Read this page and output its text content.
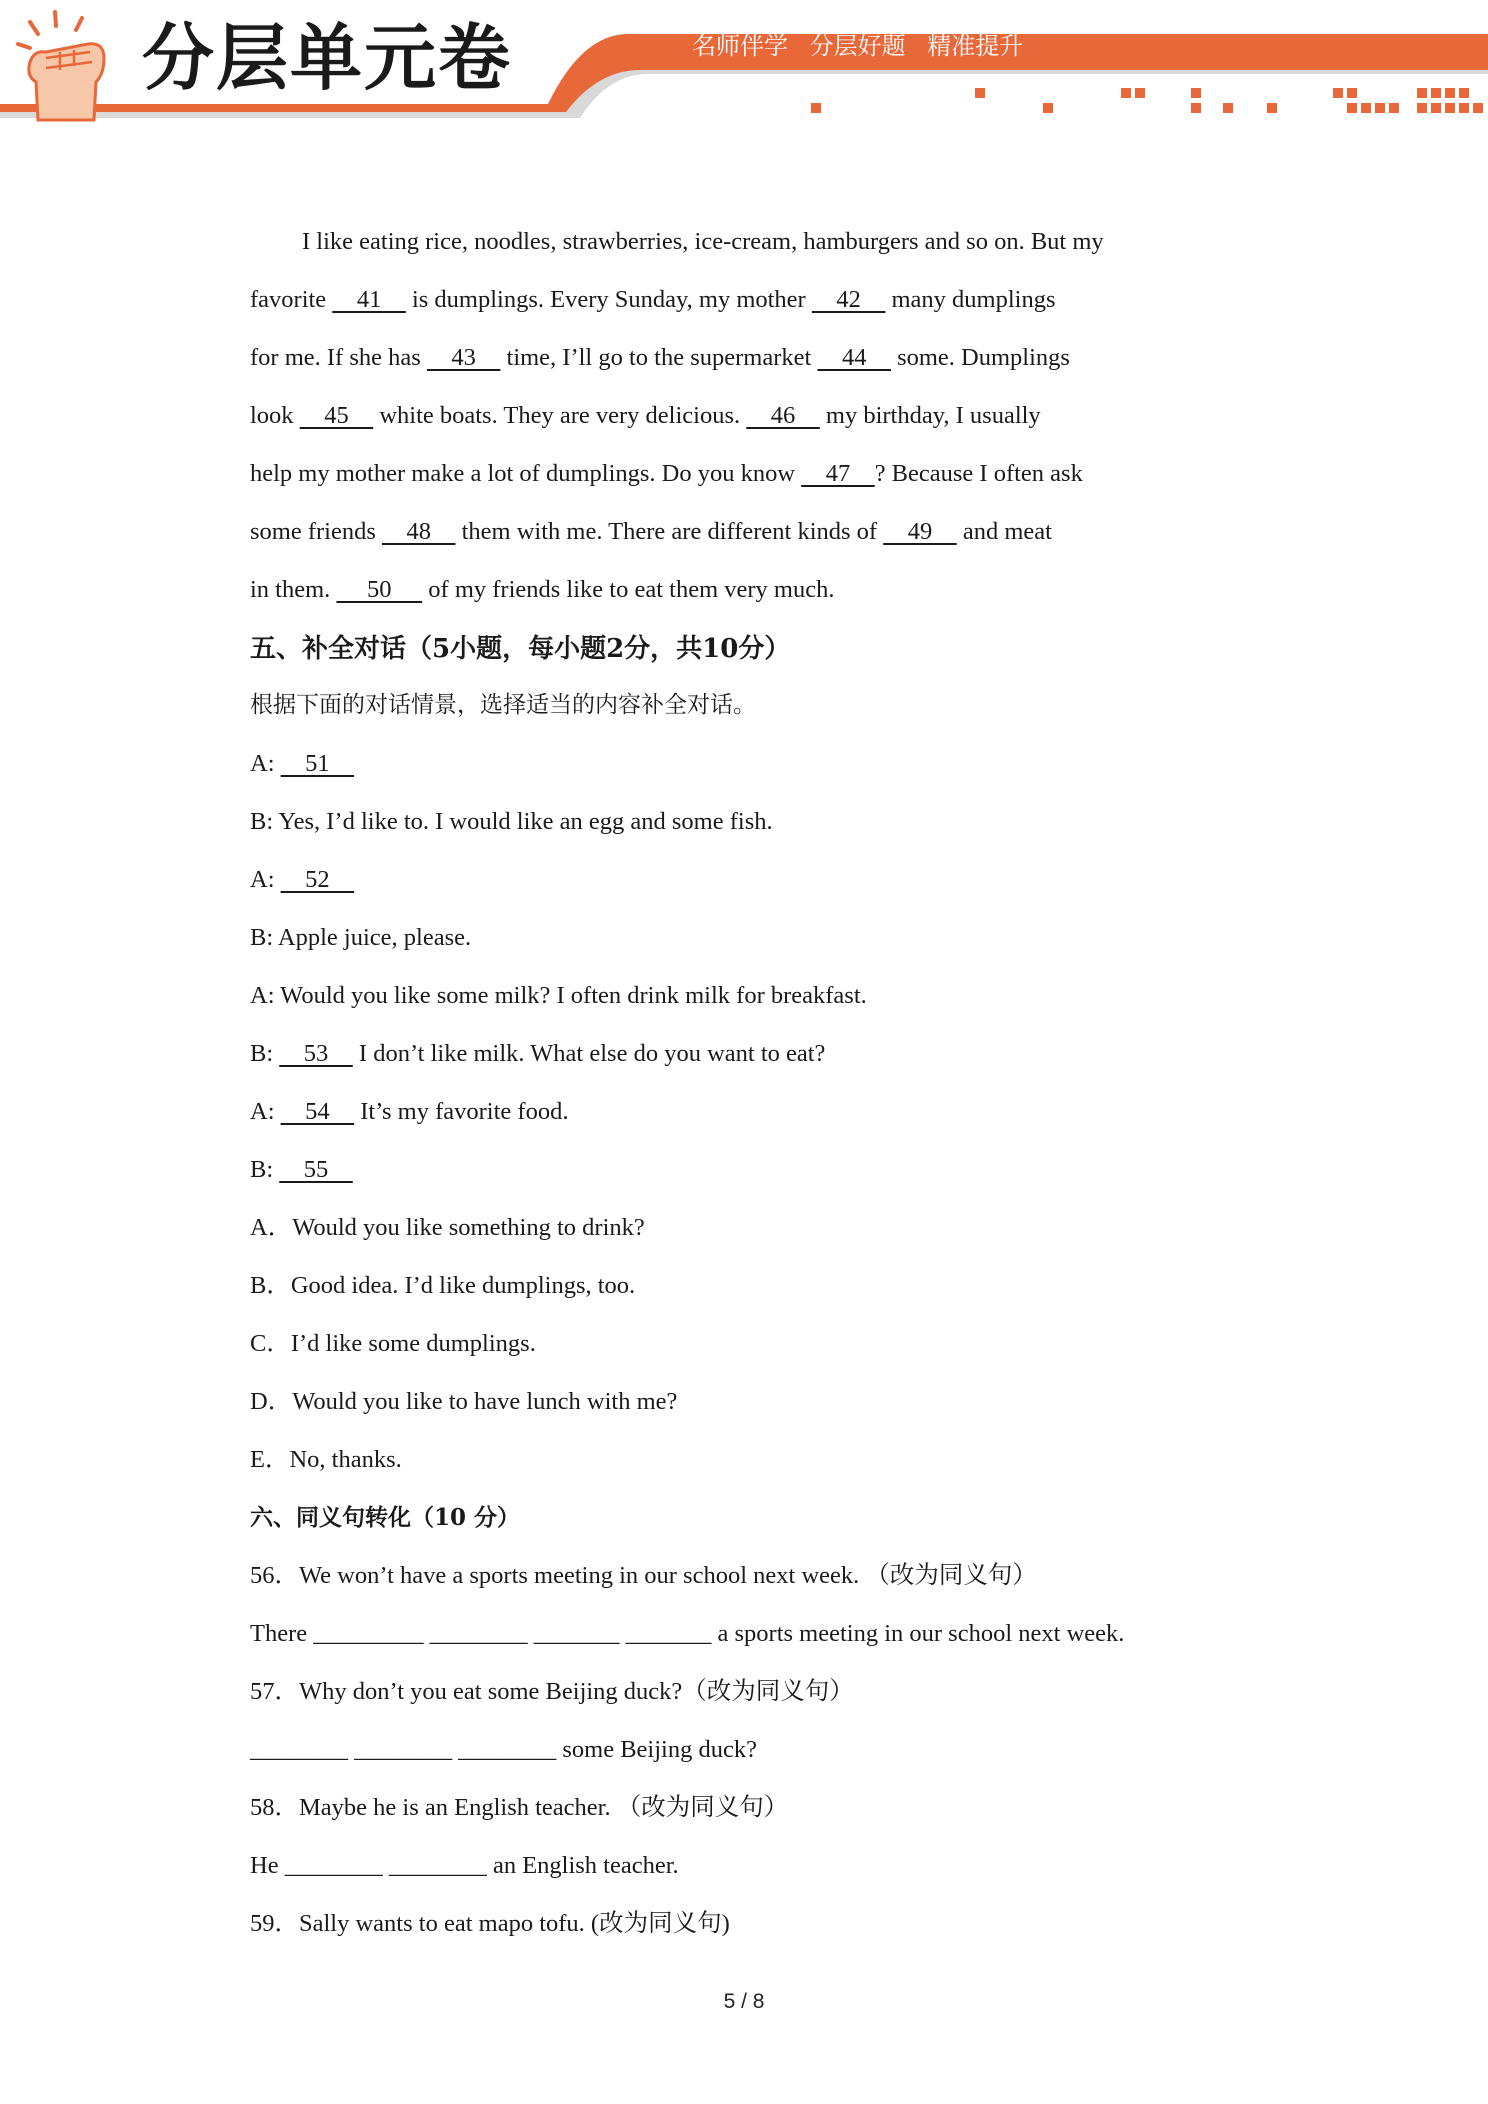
分层单元卷	名师伴学 分层好题 精准提升
I like eating rice, noodles, strawberries, ice-cream, hamburgers and so on. But my
favorite     41     is dumplings. Every Sunday, my mother     42     many dumplings
for me. If she has     43     time, I’ll go to the supermarket     44     some. Dumplings
look     45     white boats. They are very delicious.     46     my birthday, I usually
help my mother make a lot of dumplings. Do you know     47    ? Because I often ask
some friends     48     them with me. There are different kinds of     49     and meat
in them.      50      of my friends like to eat them very much.
五、补全对话（5小题，每小题2分，共10分）
根据下面的对话情景，选择适当的内容补全对话。
A:     51
B: Yes, I’d like to. I would like an egg and some fish.
A:     52
B: Apple juice, please.
A: Would you like some milk? I often drink milk for breakfast.
B:     53     I don’t like milk. What else do you want to eat?
A:     54     It’s my favorite food.
B:     55
A．Would you like something to drink?
B．Good idea. I’d like dumplings, too.
C．I’d like some dumplings.
D．Would you like to have lunch with me?
E．No, thanks.
六、同义句转化（10 分）
56．We won’t have a sports meeting in our school next week. （改为同义句）
There _________ ________ _______ _______ a sports meeting in our school next week.
57．Why don’t you eat some Beijing duck?（改为同义句）
________ ________ ________ some Beijing duck?
58．Maybe he is an English teacher. （改为同义句）
He ________ ________ an English teacher.
59．Sally wants to eat mapo tofu. (改为同义句)
5 / 8
